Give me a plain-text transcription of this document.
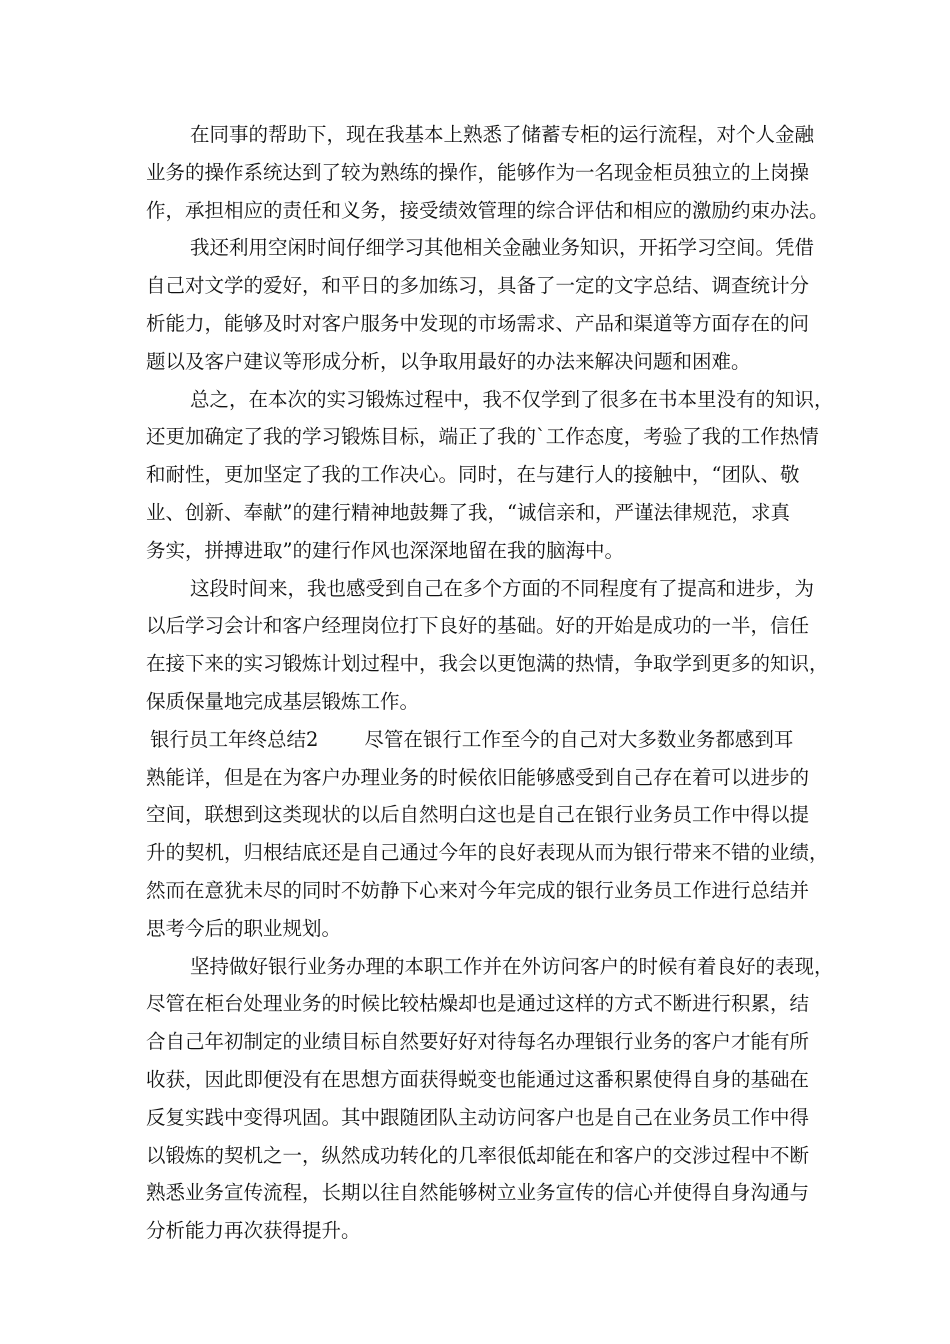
在同事的帮助下，现在我基本上熟悉了储蓄专柜的运行流程，对个人金融
业务的操作系统达到了较为熟练的操作，能够作为一名现金柜员独立的上岗操
作，承担相应的责任和义务，接受绩效管理的综合评估和相应的激励约束办法。
我还利用空闲时间仔细学习其他相关金融业务知识，开拓学习空间。凭借
自己对文学的爱好，和平日的多加练习，具备了一定的文字总结、调查统计分
析能力，能够及时对客户服务中发现的市场需求、产品和渠道等方面存在的问
题以及客户建议等形成分析，以争取用最好的办法来解决问题和困难。
总之，在本次的实习锻炼过程中，我不仅学到了很多在书本里没有的知识，
还更加确定了我的学习锻炼目标，端正了我的`工作态度，考验了我的工作热情
和耐性，更加坚定了我的工作决心。同时，在与建行人的接触中，“团队、敬
业、创新、奉献”的建行精神地鼓舞了我，“诚信亲和，严谨法律规范，求真
务实，拼搏进取”的建行作风也深深地留在我的脑海中。
这段时间来，我也感受到自己在多个方面的不同程度有了提高和进步，为
以后学习会计和客户经理岗位打下良好的基础。好的开始是成功的一半，信任
在接下来的实习锻炼计划过程中，我会以更饱满的热情，争取学到更多的知识，
保质保量地完成基层锻炼工作。
银行员工年终总结2 尽管在银行工作至今的自己对大多数业务都感到耳
熟能详，但是在为客户办理业务的时候依旧能够感受到自己存在着可以进步的
空间，联想到这类现状的以后自然明白这也是自己在银行业务员工作中得以提
升的契机，归根结底还是自己通过今年的良好表现从而为银行带来不错的业绩，
然而在意犹未尽的同时不妨静下心来对今年完成的银行业务员工作进行总结并
思考今后的职业规划。
坚持做好银行业务办理的本职工作并在外访问客户的时候有着良好的表现，
尽管在柜台处理业务的时候比较枯燥却也是通过这样的方式不断进行积累，结
合自己年初制定的业绩目标自然要好好对待每名办理银行业务的客户才能有所
收获，因此即便没有在思想方面获得蜕变也能通过这番积累使得自身的基础在
反复实践中变得巩固。其中跟随团队主动访问客户也是自己在业务员工作中得
以锻炼的契机之一，纵然成功转化的几率很低却能在和客户的交涉过程中不断
熟悉业务宣传流程，长期以往自然能够树立业务宣传的信心并使得自身沟通与
分析能力再次获得提升。
